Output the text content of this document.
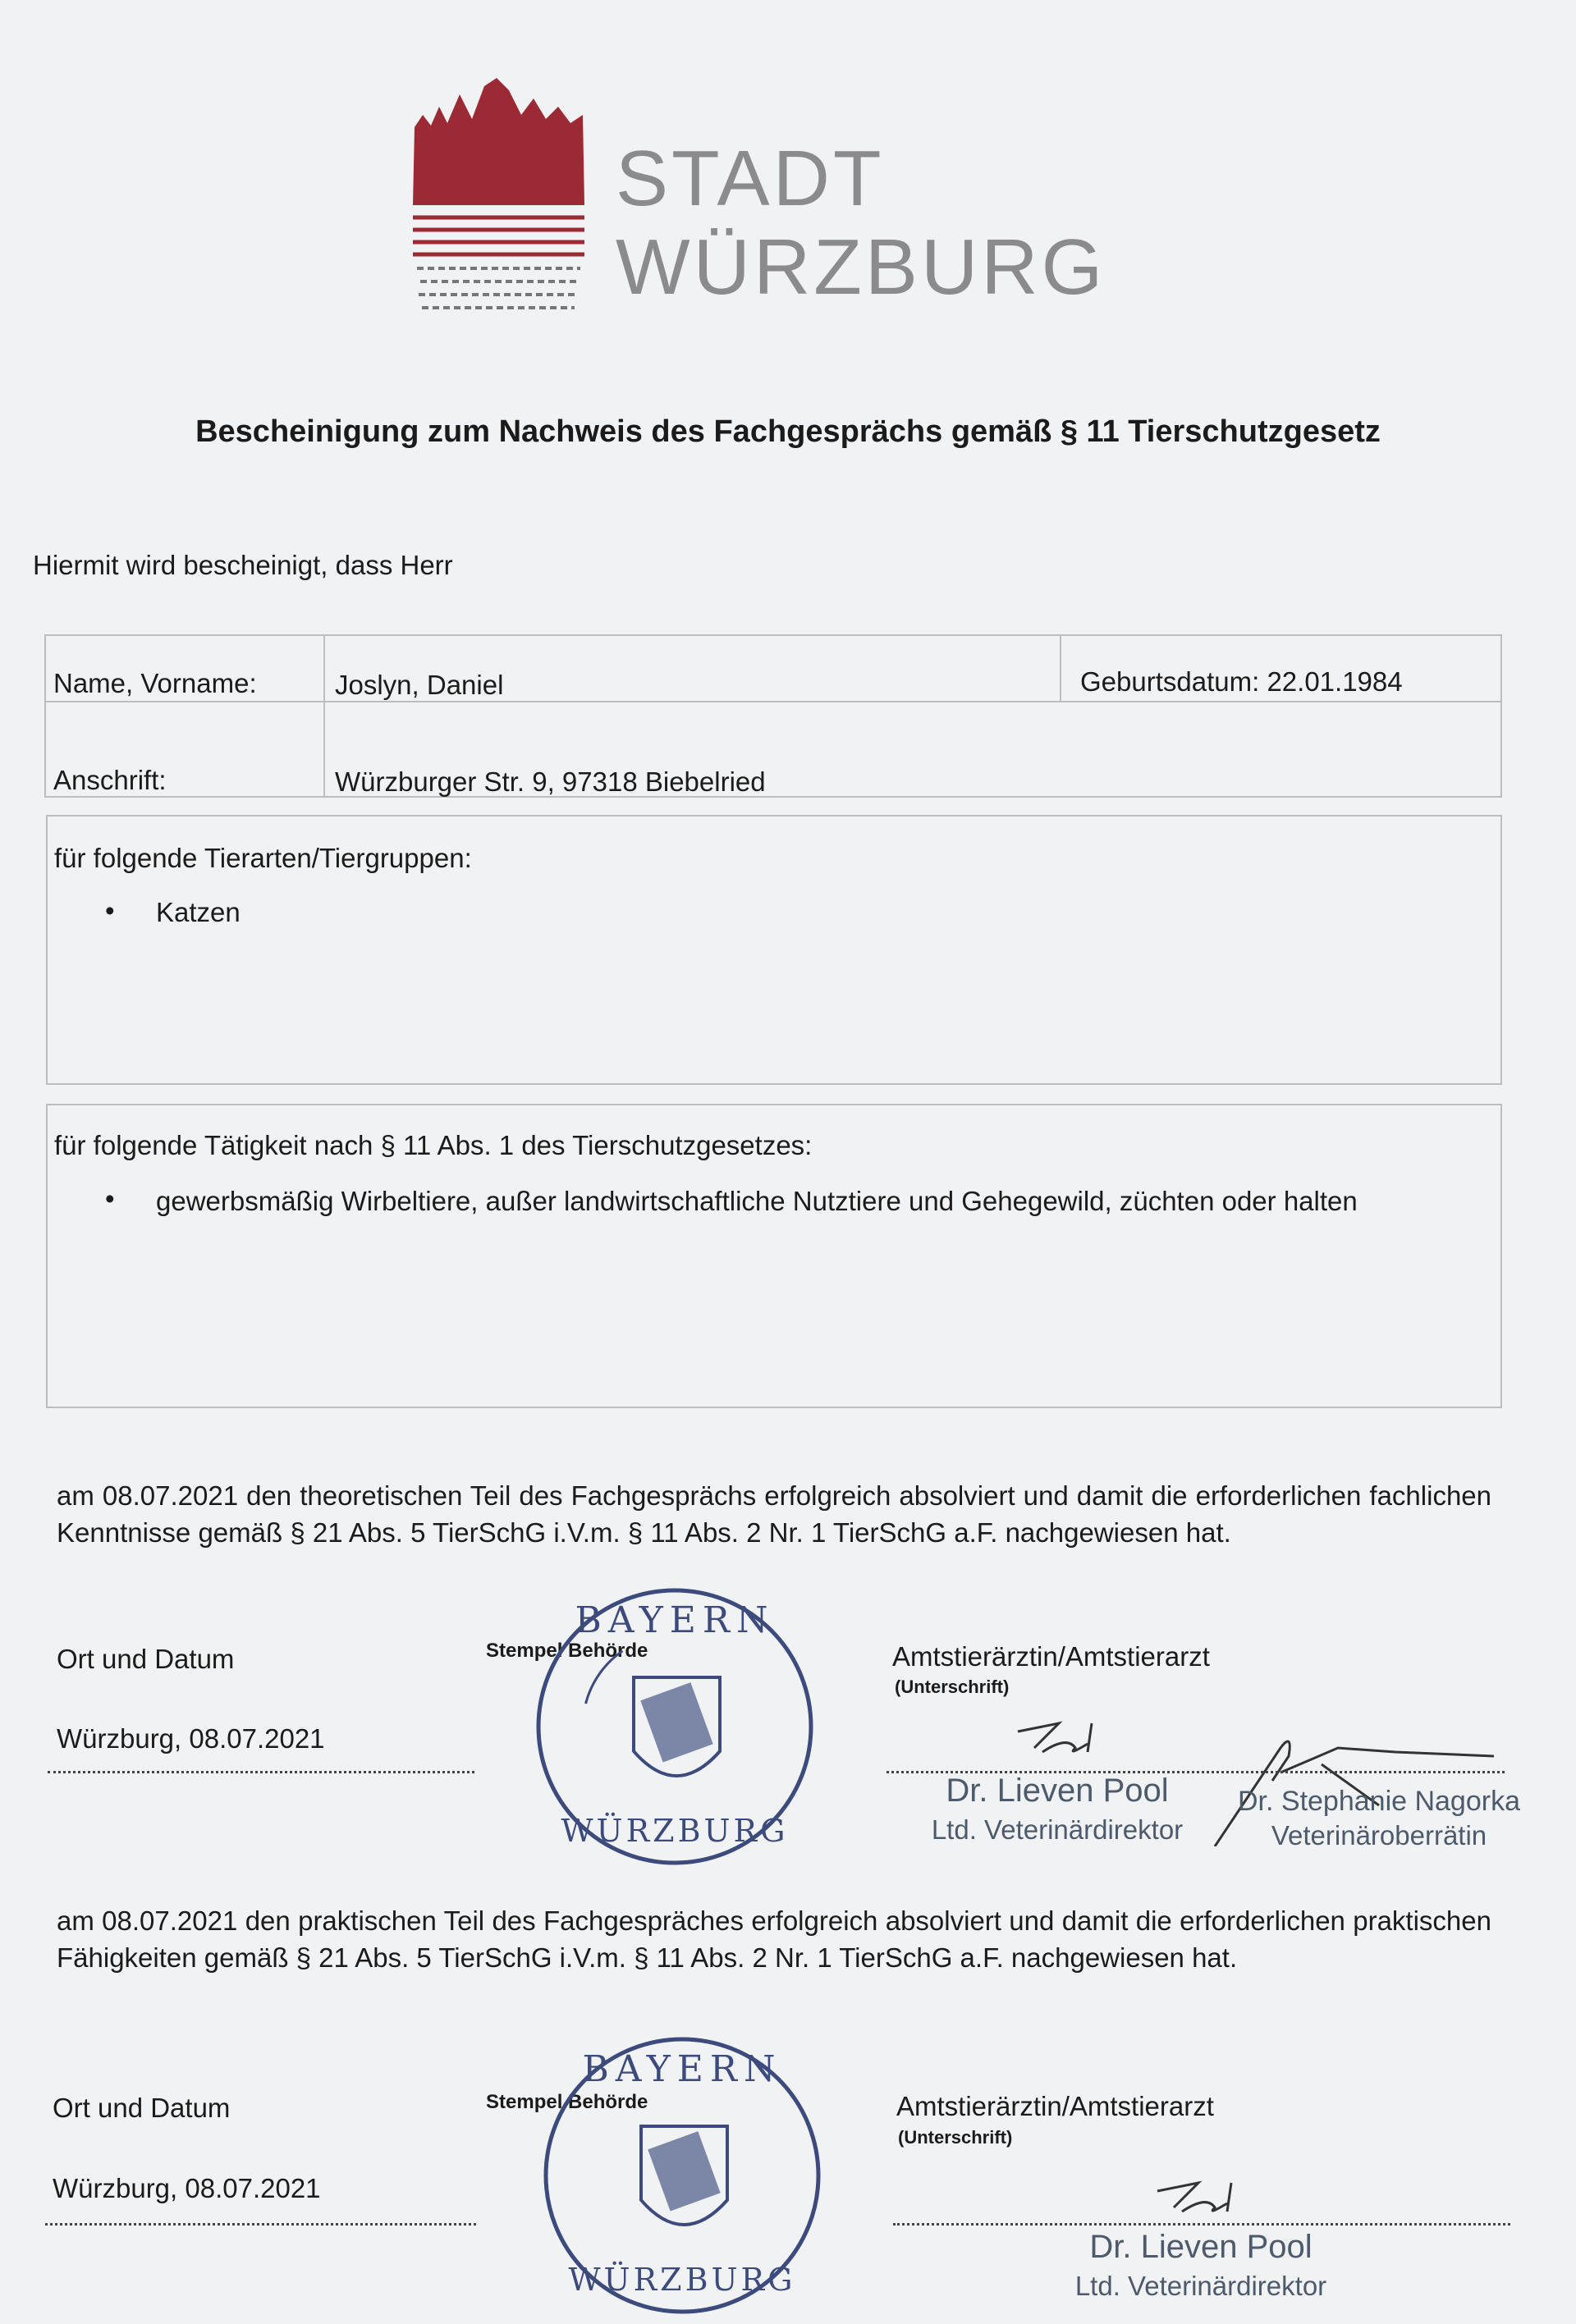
STADT
WÜRZBURG
Bescheinigung zum Nachweis des Fachgesprächs gemäß § 11 Tierschutzgesetz
Hiermit wird bescheinigt, dass Herr
Name, Vorname:	Joslyn, Daniel	Geburtsdatum: 22.01.1984
Anschrift:	Würzburger Str. 9, 97318 Biebelried
für folgende Tierarten/Tiergruppen:
• Katzen
für folgende Tätigkeit nach § 11 Abs. 1 des Tierschutzgesetzes:
• gewerbsmäßig Wirbeltiere, außer landwirtschaftliche Nutztiere und Gehegewild, züchten oder halten
am 08.07.2021 den theoretischen Teil des Fachgesprächs erfolgreich absolviert und damit die erforderlichen fachlichen Kenntnisse gemäß § 21 Abs. 5 TierSchG i.V.m. § 11 Abs. 2 Nr. 1 TierSchG a.F. nachgewiesen hat.
Ort und Datum
Würzburg, 08.07.2021
Stempel Behörde
BAYERN
WÜRZBURG
Amtstierärztin/Amtstierarzt
(Unterschrift)
Dr. Lieven Pool
Ltd. Veterinärdirektor
Dr. Stephanie Nagorka
Veterinäroberrätin
am 08.07.2021 den praktischen Teil des Fachgespräches erfolgreich absolviert und damit die erforderlichen praktischen Fähigkeiten gemäß § 21 Abs. 5 TierSchG i.V.m. § 11 Abs. 2 Nr. 1 TierSchG a.F. nachgewiesen hat.
Ort und Datum
Würzburg, 08.07.2021
Stempel Behörde
BAYERN
WÜRZBURG
Amtstierärztin/Amtstierarzt
(Unterschrift)
Dr. Lieven Pool
Ltd. Veterinärdirektor
